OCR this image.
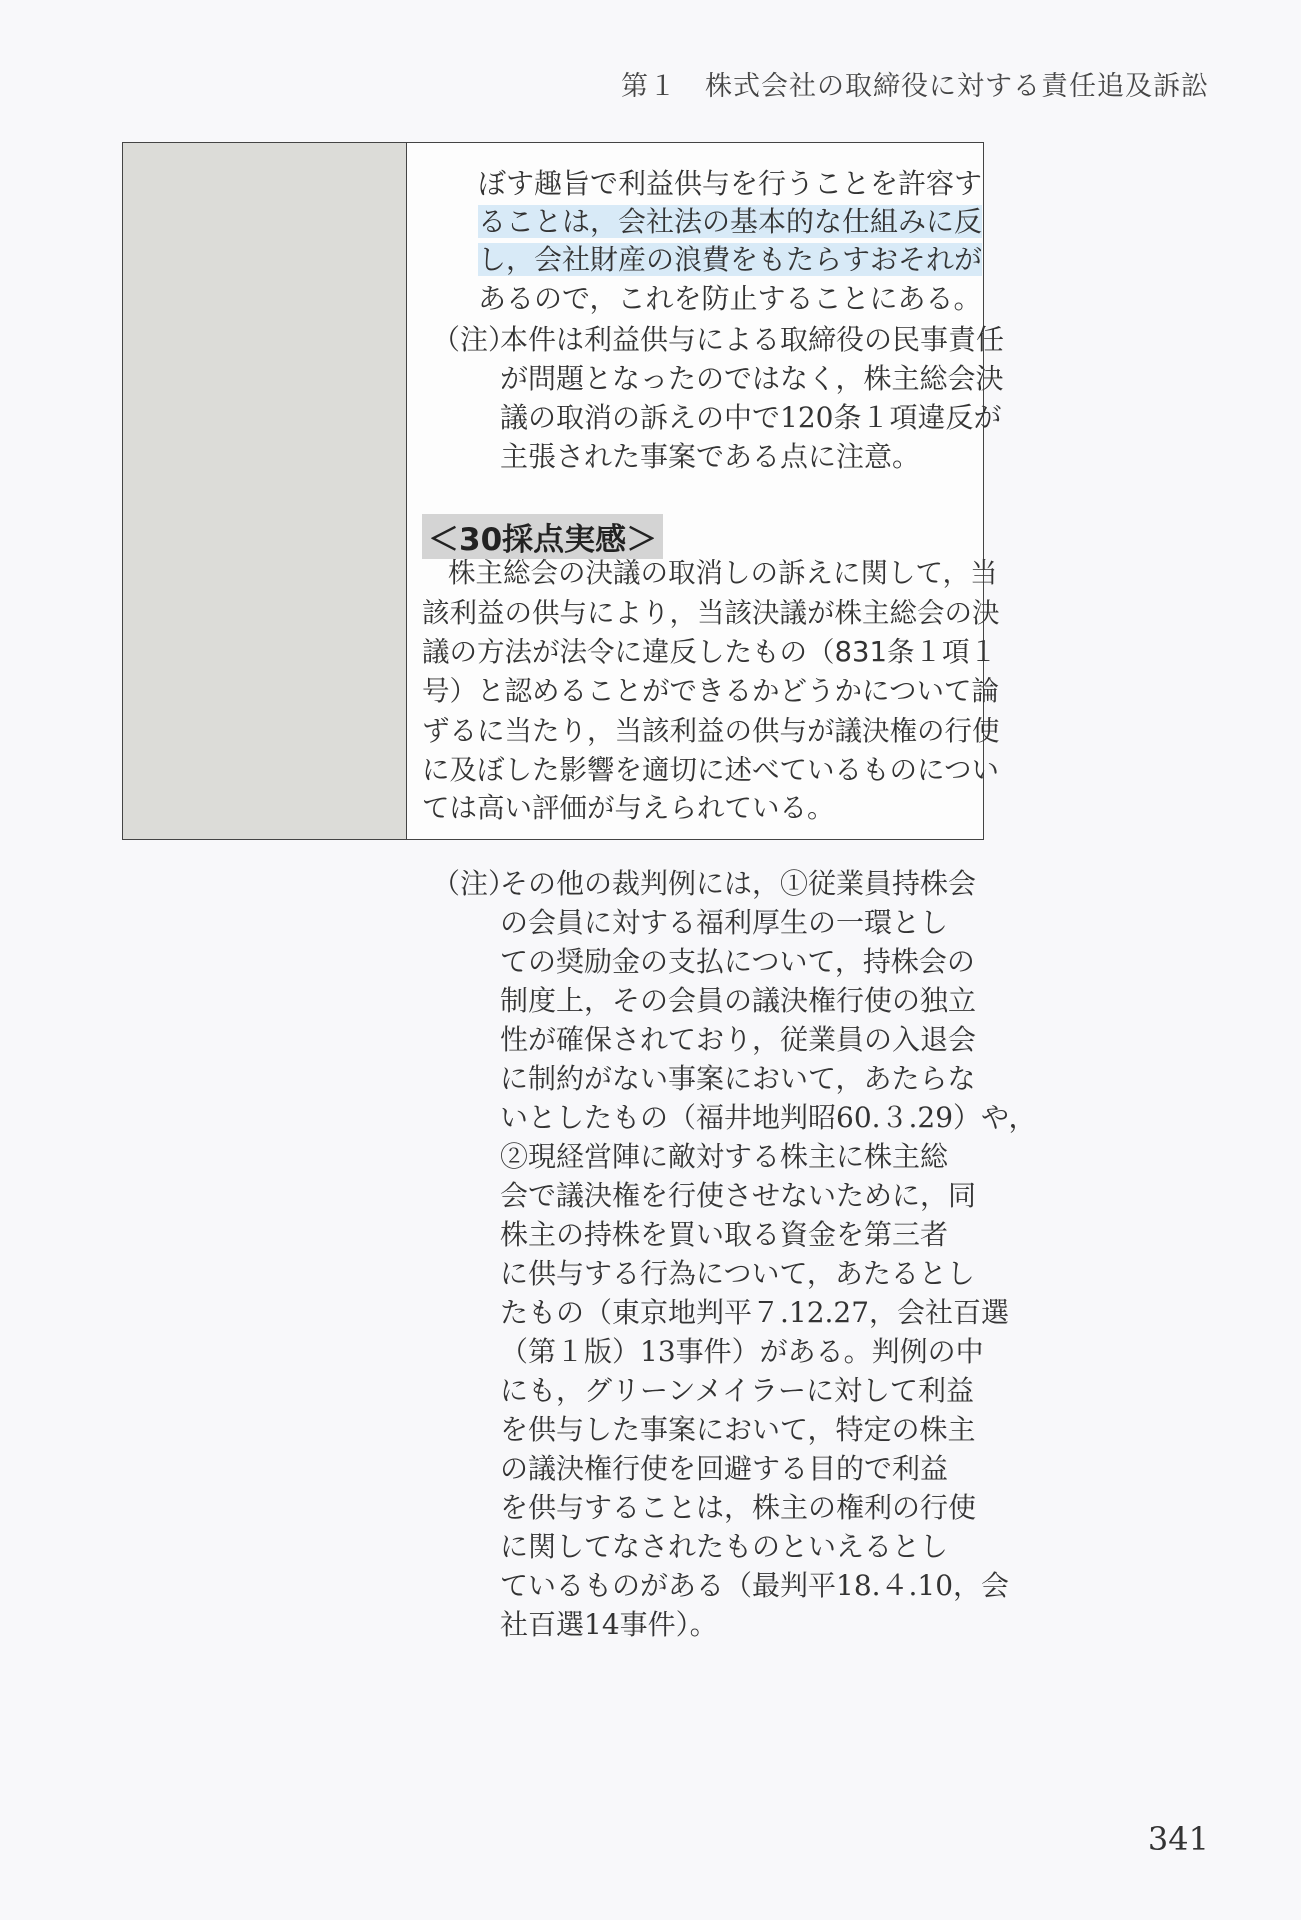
第１　株式会社の取締役に対する責任追及訴訟
ぼす趣旨で利益供与を行うことを許容す
ることは，会社法の基本的な仕組みに反
し，会社財産の浪費をもたらすおそれが
あるので，これを防止することにある。
（注）
本件は利益供与による取締役の民事責任
が問題となったのではなく，株主総会決
議の取消の訴えの中で120条１項違反が
主張された事案である点に注意。
＜30採点実感＞
株主総会の決議の取消しの訴えに関して，当
該利益の供与により，当該決議が株主総会の決
議の方法が法令に違反したもの（831条１項１
号）と認めることができるかどうかについて論
ずるに当たり，当該利益の供与が議決権の行使
に及ぼした影響を適切に述べているものについ
ては高い評価が与えられている。
（注）
その他の裁判例には，①従業員持株会
の会員に対する福利厚生の一環とし
ての奨励金の支払について，持株会の
制度上，その会員の議決権行使の独立
性が確保されており，従業員の入退会
に制約がない事案において，あたらな
いとしたもの（福井地判昭60.３.29）や，
②現経営陣に敵対する株主に株主総
会で議決権を行使させないために，同
株主の持株を買い取る資金を第三者
に供与する行為について，あたるとし
たもの（東京地判平７.12.27，会社百選
（第１版）13事件）がある。判例の中
にも，グリーンメイラーに対して利益
を供与した事案において，特定の株主
の議決権行使を回避する目的で利益
を供与することは，株主の権利の行使
に関してなされたものといえるとし
ているものがある（最判平18.４.10，会
社百選14事件）。
341
